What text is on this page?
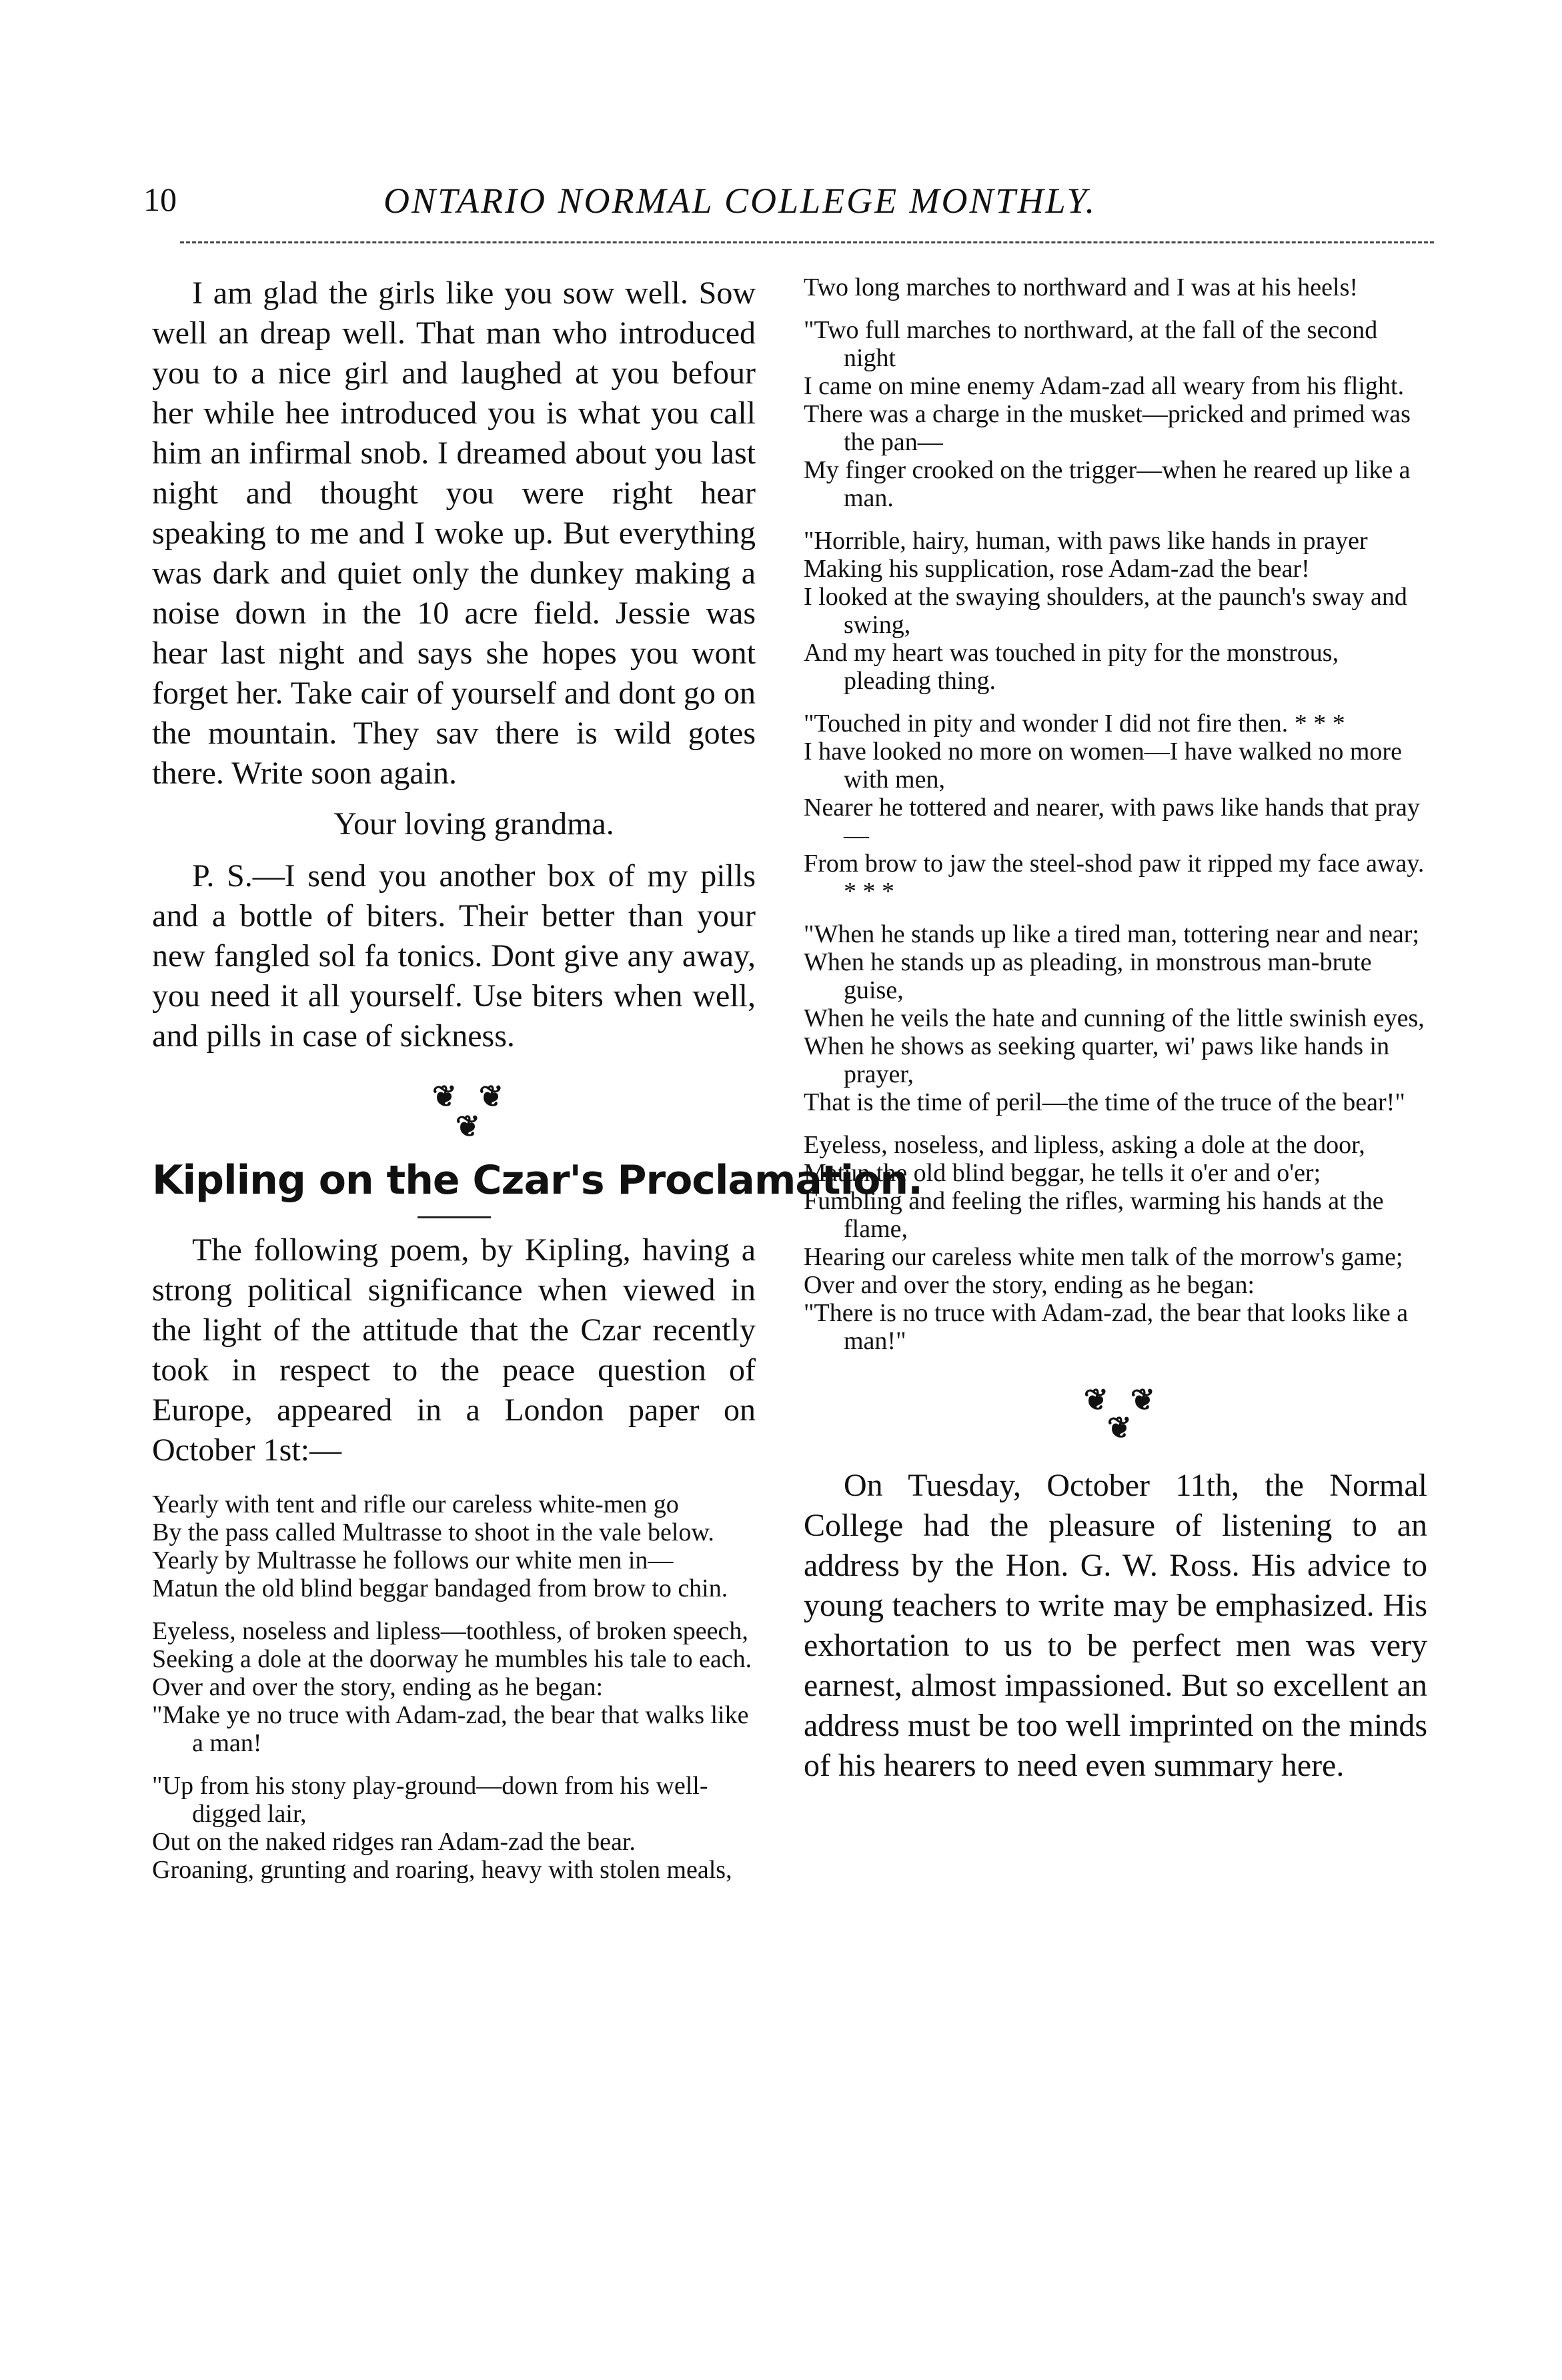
10	ONTARIO NORMAL COLLEGE MONTHLY.

I am glad the girls like you sow well. Sow well an dreap well. That man who introduced you to a nice girl and laughed at you befour her while hee introduced you is what you call him an infirmal snob. I dreamed about you last night and thought you were right hear speaking to me and I woke up. But everything was dark and quiet only the dunkey making a noise down in the 10 acre field. Jessie was hear last night and says she hopes you wont forget her. Take cair of yourself and dont go on the mountain. They sav there is wild gotes there. Write soon again.

Your loving grandma.

P. S.—I send you another box of my pills and a bottle of biters. Their better than your new fangled sol fa tonics. Dont give any away, you need it all yourself. Use biters when well, and pills in case of sickness.

❦ ❦
❦
Kipling on the Czar's Proclamation.

The following poem, by Kipling, having a strong political significance when viewed in the light of the attitude that the Czar recently took in respect to the peace question of Europe, appeared in a London paper on October 1st:—

Yearly with tent and rifle our careless white-men go

By the pass called Multrasse to shoot in the vale below.

Yearly by Multrasse he follows our white men in—

Matun the old blind beggar bandaged from brow to chin.

Eyeless, noseless and lipless—toothless, of broken speech,

Seeking a dole at the doorway he mumbles his tale to each.

Over and over the story, ending as he began:

"Make ye no truce with Adam-zad, the bear that walks like a man!

"Up from his stony play-ground—down from his well-digged lair,

Out on the naked ridges ran Adam-zad the bear.

Groaning, grunting and roaring, heavy with stolen meals,

Two long marches to northward and I was at his heels!

"Two full marches to northward, at the fall of the second night

I came on mine enemy Adam-zad all weary from his flight.

There was a charge in the musket—pricked and primed was the pan—

My finger crooked on the trigger—when he reared up like a man.

"Horrible, hairy, human, with paws like hands in prayer

Making his supplication, rose Adam-zad the bear!

I looked at the swaying shoulders, at the paunch's sway and swing,

And my heart was touched in pity for the monstrous, pleading thing.

"Touched in pity and wonder I did not fire then. * * *

I have looked no more on women—I have walked no more with men,

Nearer he tottered and nearer, with paws like hands that pray—

From brow to jaw the steel-shod paw it ripped my face away. * * *

"When he stands up like a tired man, tottering near and near;

When he stands up as pleading, in monstrous man-brute guise,

When he veils the hate and cunning of the little swinish eyes,

When he shows as seeking quarter, wi' paws like hands in prayer,

That is the time of peril—the time of the truce of the bear!"

Eyeless, noseless, and lipless, asking a dole at the door,

Matun the old blind beggar, he tells it o'er and o'er;

Fumbling and feeling the rifles, warming his hands at the flame,

Hearing our careless white men talk of the morrow's game;

Over and over the story, ending as he began:

"There is no truce with Adam-zad, the bear that looks like a man!"

❦ ❦
❦

On Tuesday, October 11th, the Normal College had the pleasure of listening to an address by the Hon. G. W. Ross. His advice to young teachers to write may be emphasized. His exhortation to us to be perfect men was very earnest, almost impassioned. But so excellent an address must be too well imprinted on the minds of his hearers to need even summary here.
